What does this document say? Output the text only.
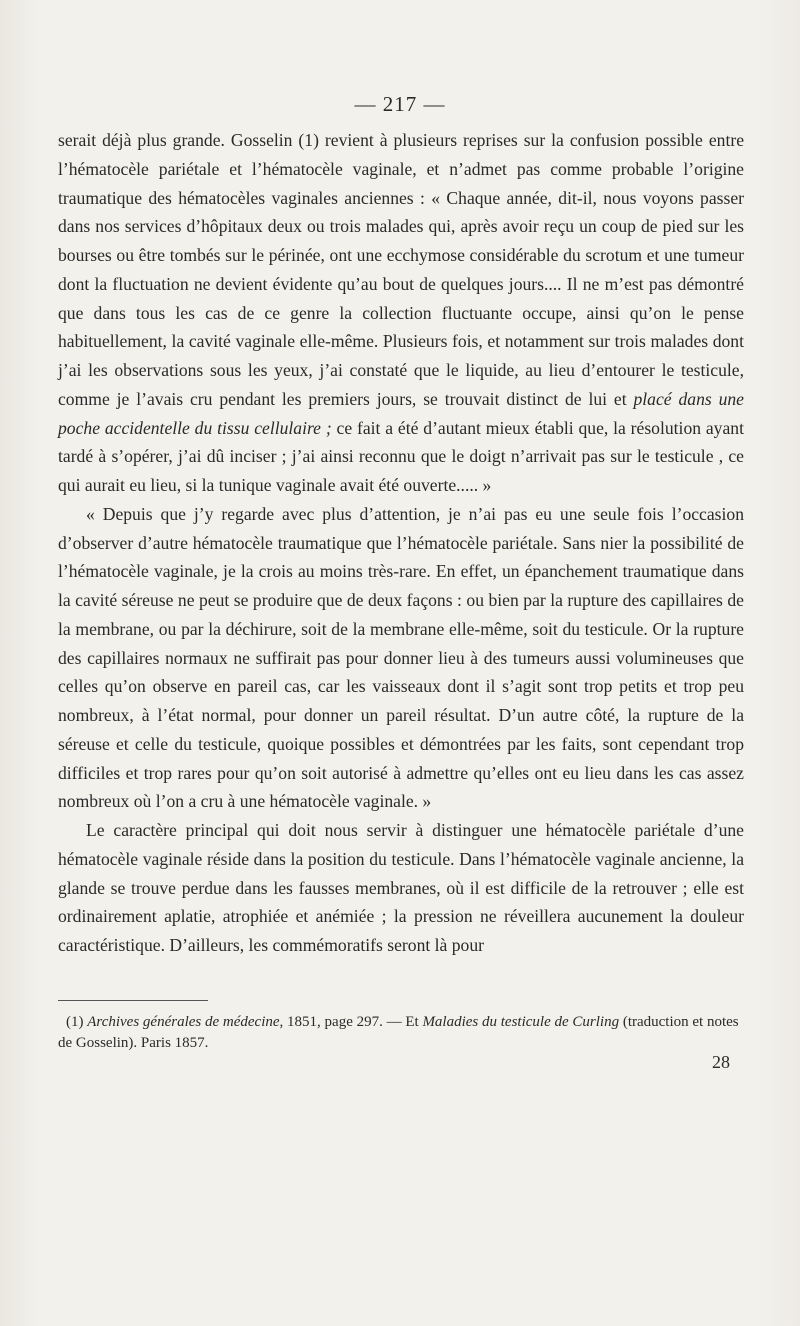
— 217 —

serait déjà plus grande. Gosselin (1) revient à plusieurs reprises sur la confusion possible entre l’hématocèle pariétale et l’hématocèle vaginale, et n’admet pas comme probable l’origine traumatique des hématocèles vaginales anciennes : « Chaque année, dit-il, nous voyons passer dans nos services d’hôpitaux deux ou trois malades qui, après avoir reçu un coup de pied sur les bourses ou être tombés sur le périnée, ont une ecchymose considérable du scrotum et une tumeur dont la fluctuation ne devient évidente qu’au bout de quelques jours.... Il ne m’est pas démontré que dans tous les cas de ce genre la collection fluctuante occupe, ainsi qu’on le pense habituellement, la cavité vaginale elle-même. Plusieurs fois, et notamment sur trois malades dont j’ai les observations sous les yeux, j’ai constaté que le liquide, au lieu d’entourer le testicule, comme je l’avais cru pendant les premiers jours, se trouvait distinct de lui et placé dans une poche accidentelle du tissu cellulaire ; ce fait a été d’autant mieux établi que, la résolution ayant tardé à s’opérer, j’ai dû inciser ; j’ai ainsi reconnu que le doigt n’arrivait pas sur le testicule , ce qui aurait eu lieu, si la tunique vaginale avait été ouverte..... »

« Depuis que j’y regarde avec plus d’attention, je n’ai pas eu une seule fois l’occasion d’observer d’autre hématocèle traumatique que l’hématocèle pariétale. Sans nier la possibilité de l’hématocèle vaginale, je la crois au moins très-rare. En effet, un épanchement traumatique dans la cavité séreuse ne peut se produire que de deux façons : ou bien par la rupture des capillaires de la membrane, ou par la déchirure, soit de la membrane elle-même, soit du testicule. Or la rupture des capillaires normaux ne suffirait pas pour donner lieu à des tumeurs aussi volumineuses que celles qu’on observe en pareil cas, car les vaisseaux dont il s’agit sont trop petits et trop peu nombreux, à l’état normal, pour donner un pareil résultat. D’un autre côté, la rupture de la séreuse et celle du testicule, quoique possibles et démontrées par les faits, sont cependant trop difficiles et trop rares pour qu’on soit autorisé à admettre qu’elles ont eu lieu dans les cas assez nombreux où l’on a cru à une hématocèle vaginale. »

Le caractère principal qui doit nous servir à distinguer une hématocèle pariétale d’une hématocèle vaginale réside dans la position du testicule. Dans l’hématocèle vaginale ancienne, la glande se trouve perdue dans les fausses membranes, où il est difficile de la retrouver ; elle est ordinairement aplatie, atrophiée et anémiée ; la pression ne réveillera aucunement la douleur caractéristique. D’ailleurs, les commémoratifs seront là pour

(1) Archives générales de médecine, 1851, page 297. — Et Maladies du testicule de Curling (traduction et notes de Gosselin). Paris 1857.
28
